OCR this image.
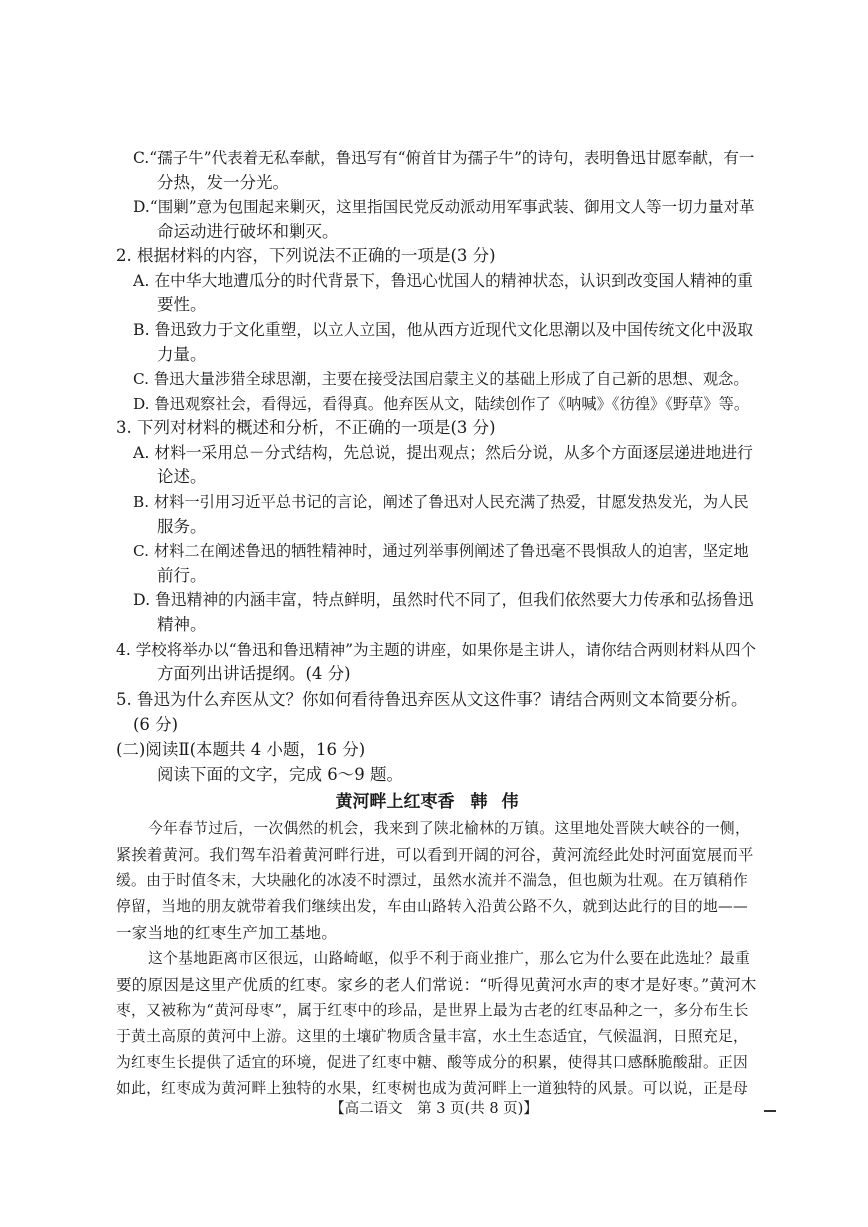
C.“孺子牛”代表着无私奉献，鲁迅写有“俯首甘为孺子牛”的诗句，表明鲁迅甘愿奉献，有一
分热，发一分光。
D.“围剿”意为包围起来剿灭，这里指国民党反动派动用军事武装、御用文人等一切力量对革
命运动进行破坏和剿灭。
2. 根据材料的内容，下列说法不正确的一项是(3 分)
A. 在中华大地遭瓜分的时代背景下，鲁迅心忧国人的精神状态，认识到改变国人精神的重
要性。
B. 鲁迅致力于文化重塑，以立人立国，他从西方近现代文化思潮以及中国传统文化中汲取
力量。
C. 鲁迅大量涉猎全球思潮，主要在接受法国启蒙主义的基础上形成了自己新的思想、观念。
D. 鲁迅观察社会，看得远，看得真。他弃医从文，陆续创作了《呐喊》《彷徨》《野草》等。
3. 下列对材料的概述和分析，不正确的一项是(3 分)
A. 材料一采用总－分式结构，先总说，提出观点；然后分说，从多个方面逐层递进地进行
论述。
B. 材料一引用习近平总书记的言论，阐述了鲁迅对人民充满了热爱，甘愿发热发光，为人民
服务。
C. 材料二在阐述鲁迅的牺牲精神时，通过列举事例阐述了鲁迅毫不畏惧敌人的迫害，坚定地
前行。
D. 鲁迅精神的内涵丰富，特点鲜明，虽然时代不同了，但我们依然要大力传承和弘扬鲁迅
精神。
4. 学校将举办以“鲁迅和鲁迅精神”为主题的讲座，如果你是主讲人，请你结合两则材料从四个
方面列出讲话提纲。(4 分)
5. 鲁迅为什么弃医从文？你如何看待鲁迅弃医从文这件事？请结合两则文本简要分析。
(6 分)
(二)阅读Ⅱ(本题共 4 小题，16 分)
阅读下面的文字，完成 6～9 题。
黄河畔上红枣香 韩伟
今年春节过后，一次偶然的机会，我来到了陕北榆林的万镇。这里地处晋陕大峡谷的一侧，
紧挨着黄河。我们驾车沿着黄河畔行进，可以看到开阔的河谷，黄河流经此处时河面宽展而平
缓。由于时值冬末，大块融化的冰凌不时漂过，虽然水流并不湍急，但也颇为壮观。在万镇稍作
停留，当地的朋友就带着我们继续出发，车由山路转入沿黄公路不久，就到达此行的目的地——
一家当地的红枣生产加工基地。
这个基地距离市区很远，山路崎岖，似乎不利于商业推广，那么它为什么要在此选址？最重
要的原因是这里产优质的红枣。家乡的老人们常说：“听得见黄河水声的枣才是好枣。”黄河木
枣，又被称为“黄河母枣”，属于红枣中的珍品，是世界上最为古老的红枣品种之一，多分布生长
于黄土高原的黄河中上游。这里的土壤矿物质含量丰富，水土生态适宜，气候温润，日照充足，
为红枣生长提供了适宜的环境，促进了红枣中糖、酸等成分的积累，使得其口感酥脆酸甜。正因
如此，红枣成为黄河畔上独特的水果，红枣树也成为黄河畔上一道独特的风景。可以说，正是母
【高二语文　第 3 页(共 8 页)】
